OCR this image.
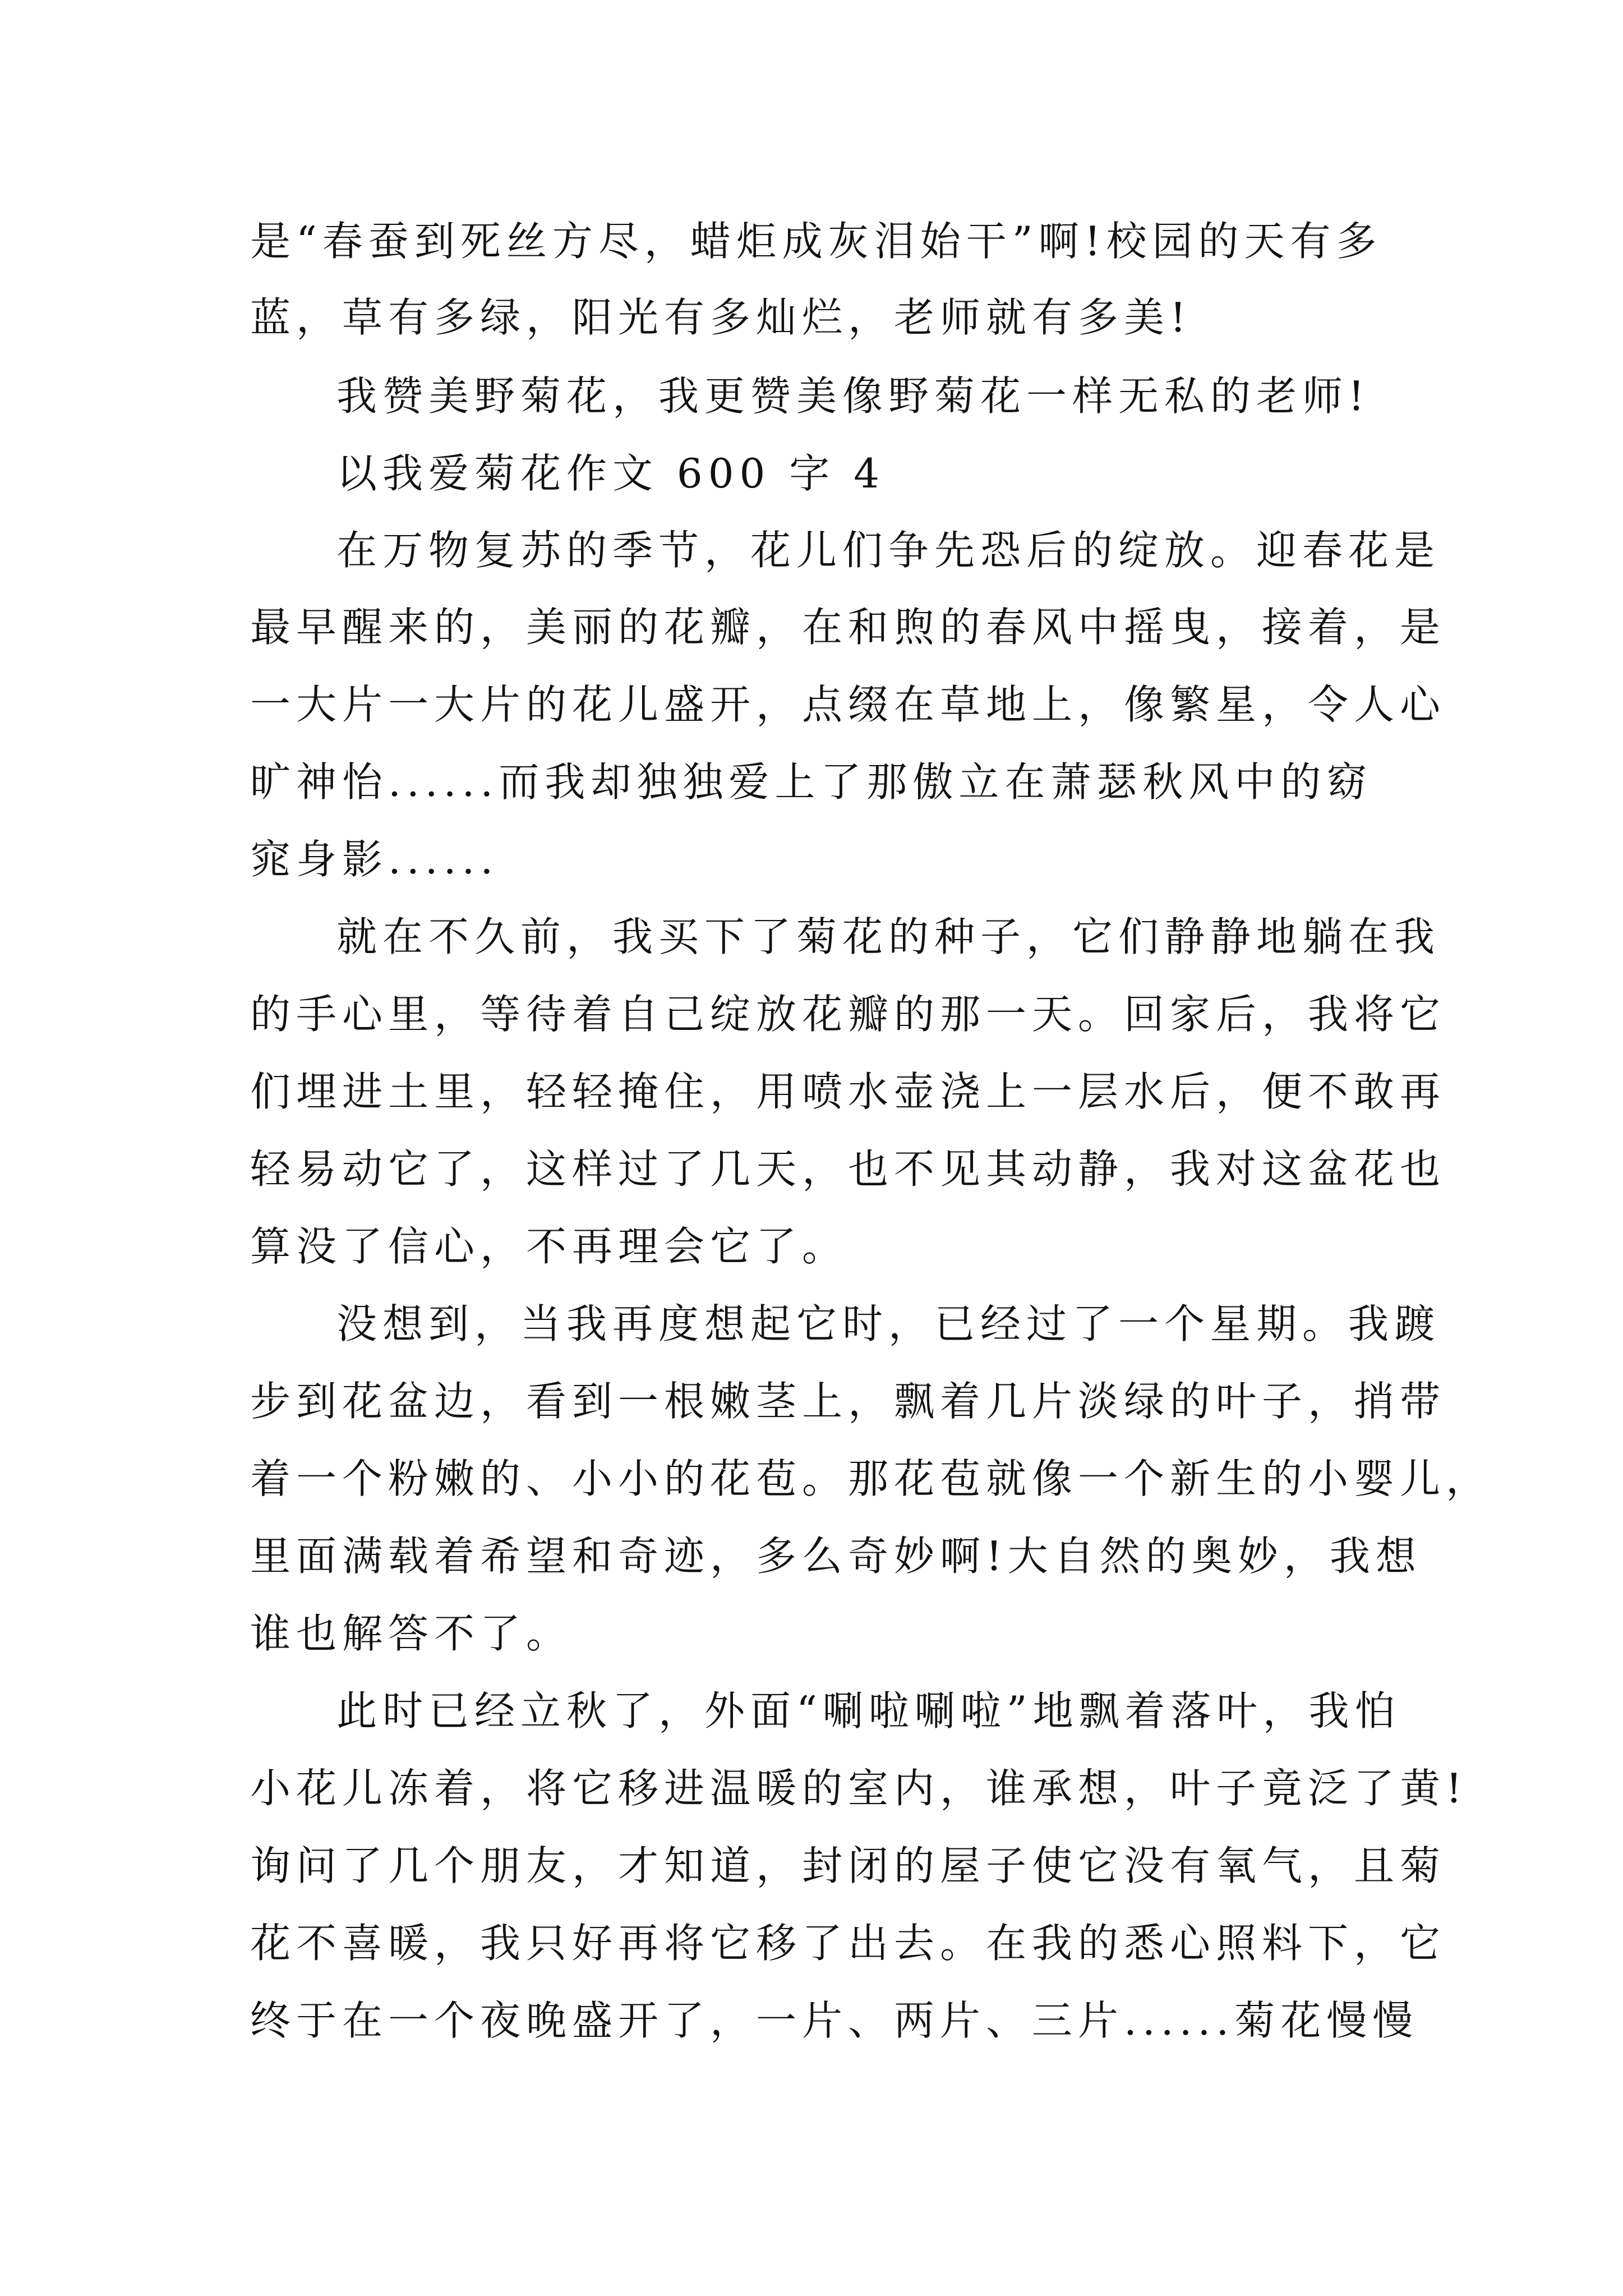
是“春蚕到死丝方尽，蜡炬成灰泪始干”啊!校园的天有多
蓝，草有多绿，阳光有多灿烂，老师就有多美!
我赞美野菊花，我更赞美像野菊花一样无私的老师!
以我爱菊花作文 600 字 4
在万物复苏的季节，花儿们争先恐后的绽放。迎春花是
最早醒来的，美丽的花瓣，在和煦的春风中摇曳，接着，是
一大片一大片的花儿盛开，点缀在草地上，像繁星，令人心
旷神怡......而我却独独爱上了那傲立在萧瑟秋风中的窈
窕身影......
就在不久前，我买下了菊花的种子，它们静静地躺在我
的手心里，等待着自己绽放花瓣的那一天。回家后，我将它
们埋进土里，轻轻掩住，用喷水壶浇上一层水后，便不敢再
轻易动它了，这样过了几天，也不见其动静，我对这盆花也
算没了信心，不再理会它了。
没想到，当我再度想起它时，已经过了一个星期。我踱
步到花盆边，看到一根嫩茎上，飘着几片淡绿的叶子，捎带
着一个粉嫩的、小小的花苞。那花苞就像一个新生的小婴儿，
里面满载着希望和奇迹，多么奇妙啊!大自然的奥妙，我想
谁也解答不了。
此时已经立秋了，外面“唰啦唰啦”地飘着落叶，我怕
小花儿冻着，将它移进温暖的室内，谁承想，叶子竟泛了黄!
询问了几个朋友，才知道，封闭的屋子使它没有氧气，且菊
花不喜暖，我只好再将它移了出去。在我的悉心照料下，它
终于在一个夜晚盛开了，一片、两片、三片......菊花慢慢
